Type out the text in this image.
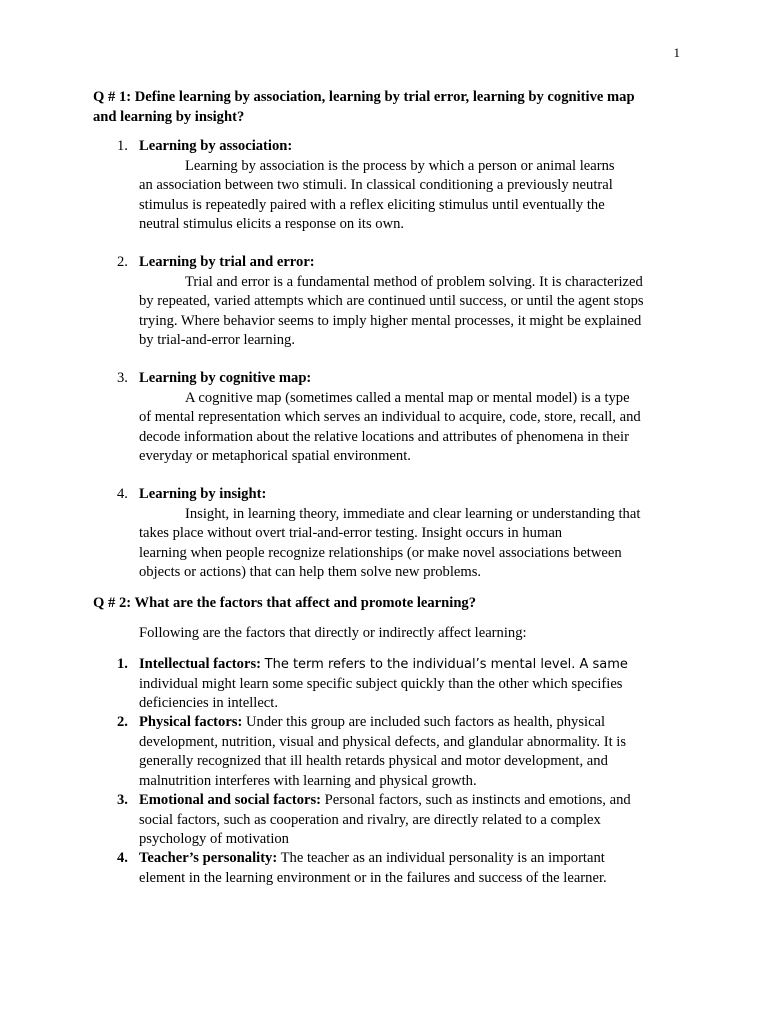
1
Q # 1: Define learning by association, learning by trial error, learning by cognitive map
and learning by insight?
1. Learning by association:
Learning by association is the process by which a person or animal learns
an association between two stimuli. In classical conditioning a previously neutral
stimulus is repeatedly paired with a reflex eliciting stimulus until eventually the
neutral stimulus elicits a response on its own.
2. Learning by trial and error:
Trial and error is a fundamental method of problem solving. It is characterized
by repeated, varied attempts which are continued until success, or until the agent stops
trying. Where behavior seems to imply higher mental processes, it might be explained
by trial-and-error learning.
3. Learning by cognitive map:
A cognitive map (sometimes called a mental map or mental model) is a type
of mental representation which serves an individual to acquire, code, store, recall, and
decode information about the relative locations and attributes of phenomena in their
everyday or metaphorical spatial environment.
4. Learning by insight:
Insight, in learning theory, immediate and clear learning or understanding that
takes place without overt trial-and-error testing. Insight occurs in human
learning when people recognize relationships (or make novel associations between
objects or actions) that can help them solve new problems.
Q # 2: What are the factors that affect and promote learning?
Following are the factors that directly or indirectly affect learning:
1. Intellectual factors: The term refers to the individual’s mental level. A same
individual might learn some specific subject quickly than the other which specifies
deficiencies in intellect.
2. Physical factors: Under this group are included such factors as health, physical
development, nutrition, visual and physical defects, and glandular abnormality. It is
generally recognized that ill health retards physical and motor development, and
malnutrition interferes with learning and physical growth.
3. Emotional and social factors: Personal factors, such as instincts and emotions, and
social factors, such as cooperation and rivalry, are directly related to a complex
psychology of motivation
4. Teacher’s personality: The teacher as an individual personality is an important
element in the learning environment or in the failures and success of the learner.
